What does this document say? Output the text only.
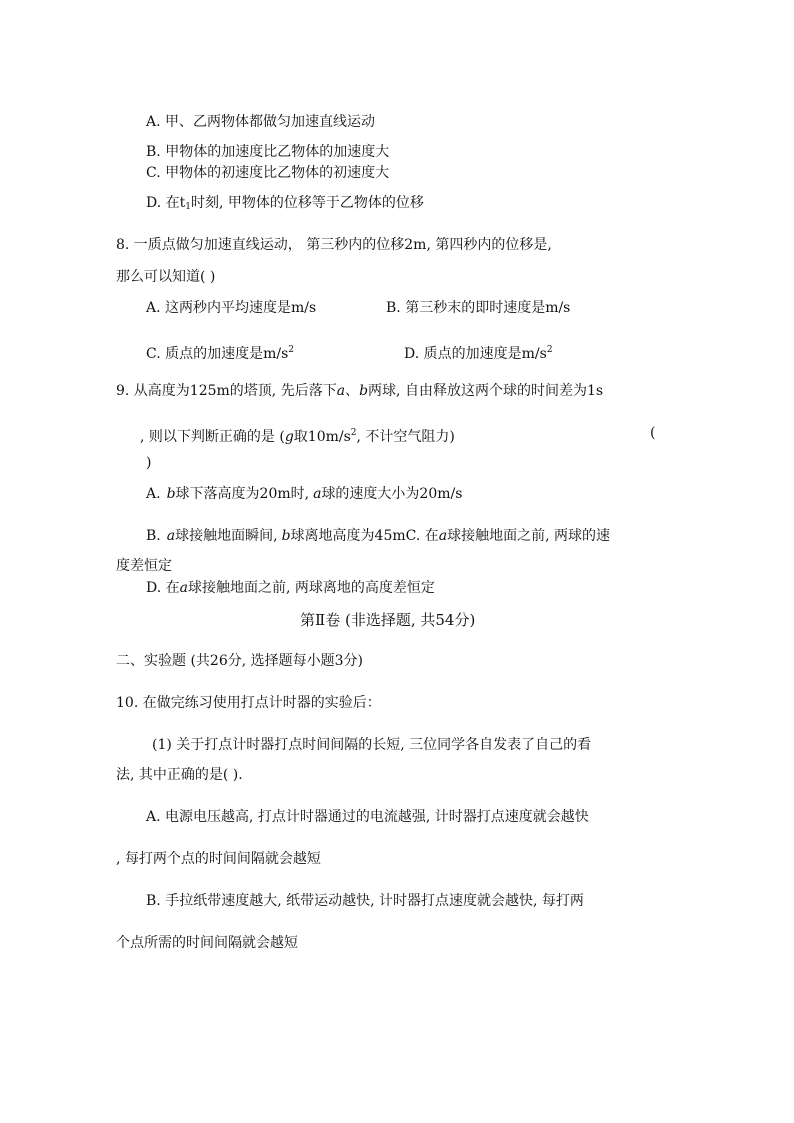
A. 甲、乙两物体都做匀加速直线运动
B. 甲物体的加速度比乙物体的加速度大
C. 甲物体的初速度比乙物体的初速度大
D. 在$t_1$时刻, 甲物体的位移等于乙物体的位移
8. 一质点做匀加速直线运动， 第三秒内的位移2m, 第四秒内的位移是,
那么可以知道( )
A. 这两秒内平均速度是m/s	B. 第三秒末的即时速度是m/s
C. 质点的加速度是$m/s^2$	D. 质点的加速度是$m/s^2$
9. 从高度为125m的塔顶, 先后落下a、b两球, 自由释放这两个球的时间差为1s
, 则以下判断正确的是 (g取$10m/s^2$, 不计空气阻力)	(
)
A. b球下落高度为20m时, a球的速度大小为20m/s
B. a球接触地面瞬间, b球离地高度为45mC. 在a球接触地面之前, 两球的速
度差恒定
D. 在a球接触地面之前, 两球离地的高度差恒定
第Ⅱ卷 (非选择题, 共54分)
二、实验题 (共26分, 选择题每小题3分)
10. 在做完练习使用打点计时器的实验后：
(1) 关于打点计时器打点时间间隔的长短, 三位同学各自发表了自己的看
法, 其中正确的是( ).
A. 电源电压越高, 打点计时器通过的电流越强, 计时器打点速度就会越快
, 每打两个点的时间间隔就会越短
B. 手拉纸带速度越大, 纸带运动越快, 计时器打点速度就会越快, 每打两
个点所需的时间间隔就会越短
